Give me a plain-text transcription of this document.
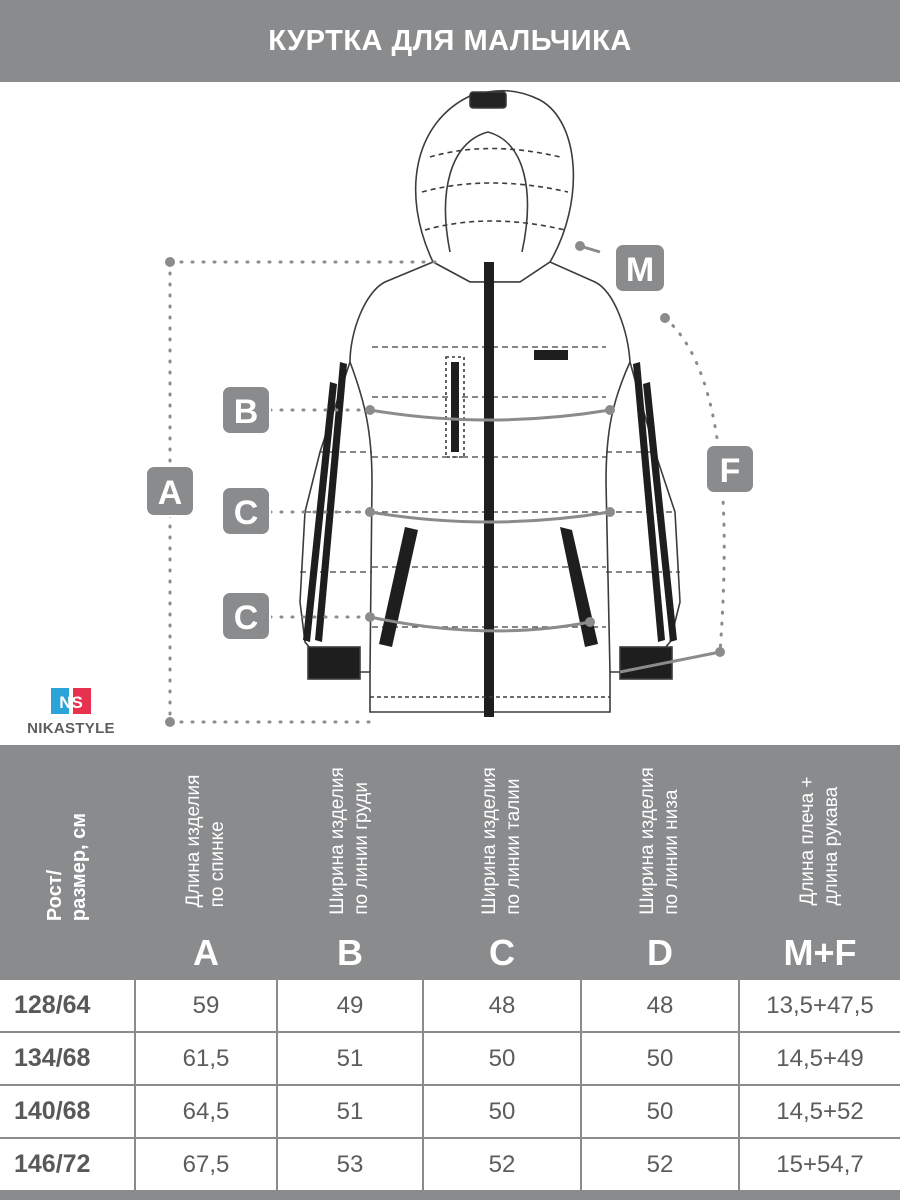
КУРТКА ДЛЯ МАЛЬЧИКА
A
B
C
C
M
F
NS
NIKASTYLE
Рост/
размер, см
Длина изделия
по спинке
A
Ширина изделия
по линии груди
B
Ширина изделия
по линии талии
C
Ширина изделия
по линии низа
D
Длина плеча +
длина рукава
M+F
128/64	59	49	48	48	13,5+47,5
134/68	61,5	51	50	50	14,5+49
140/68	64,5	51	50	50	14,5+52
146/72	67,5	53	52	52	15+54,7
